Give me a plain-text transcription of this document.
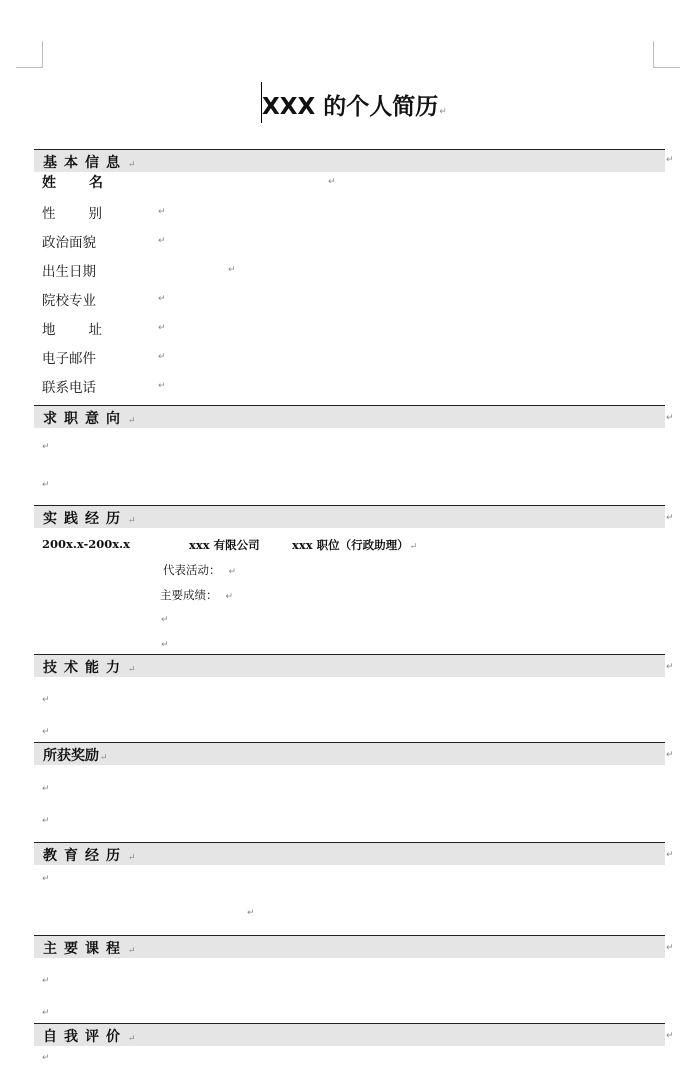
XXX 的个人简历↵
基本信息↵	↵
姓名	↵
性别	↵
政治面貌	↵
出生日期	↵
院校专业	↵
地址	↵
电子邮件	↵
联系电话	↵
求职意向↵	↵
↵
↵
实践经历↵	↵
200x.x-200x.x	xxx 有限公司	xxx 职位（行政助理）↵
代表活动： ↵
主要成绩： ↵
↵
↵
技术能力↵	↵
↵
↵
所获奖励↵	↵
↵
↵
教育经历↵	↵
↵
↵
主要课程↵	↵
↵
↵
自我评价↵	↵
↵
